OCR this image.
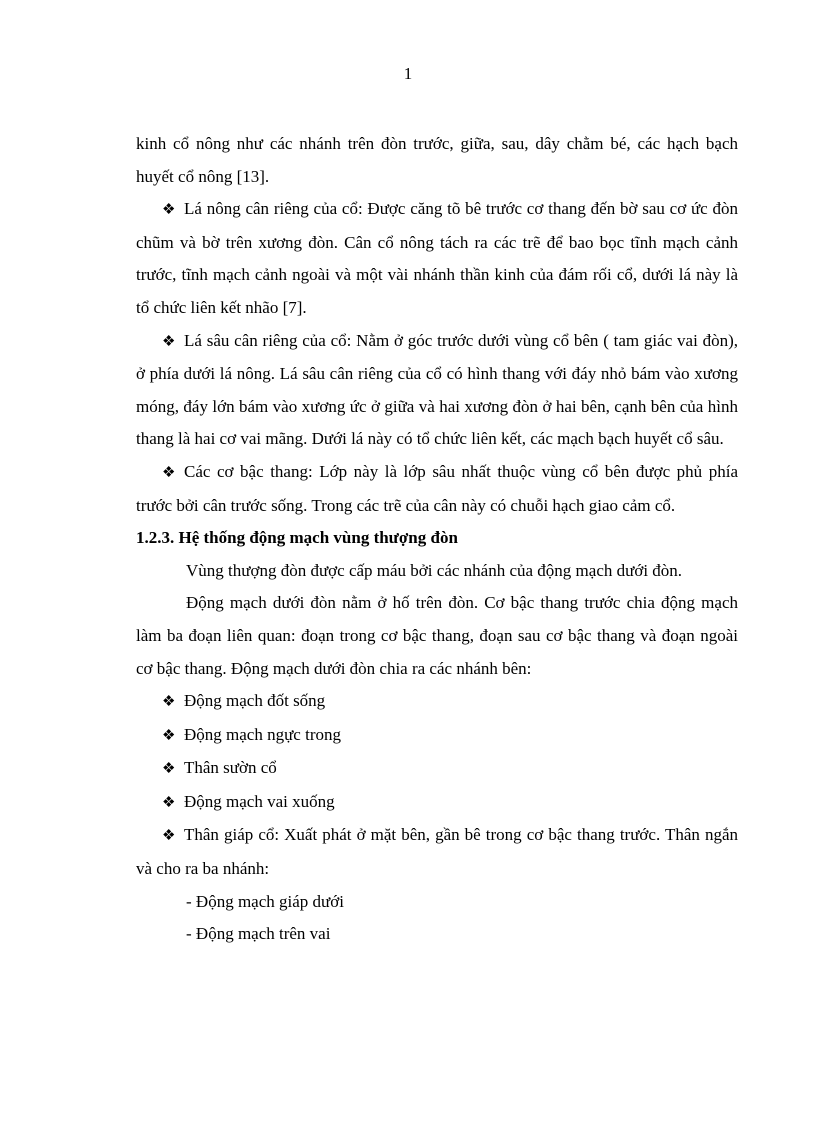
1

kinh cổ nông như các nhánh trên đòn trước, giữa, sau, dây chằm bé, các hạch bạch huyết cổ nông [13].

❖ Lá nông cân riêng của cổ: Được căng tõ bê trước cơ thang đến bờ sau cơ ức đòn chũm và bờ trên xương đòn. Cân cổ nông tách ra các trẽ để bao bọc tĩnh mạch cảnh trước, tĩnh mạch cảnh ngoài và một vài nhánh thần kinh của đám rối cổ, dưới lá này là tổ chức liên kết nhão [7].

❖ Lá sâu cân riêng của cổ: Nằm ở góc trước dưới vùng cổ bên ( tam giác vai đòn), ở phía dưới lá nông. Lá sâu cân riêng của cổ có hình thang với đáy nhỏ bám vào xương móng, đáy lớn bám vào xương ức ở giữa và hai xương đòn ở hai bên, cạnh bên của hình thang là hai cơ vai mãng. Dưới lá này có tổ chức liên kết, các mạch bạch huyết cổ sâu.

❖ Các cơ bậc thang: Lớp này là lớp sâu nhất thuộc vùng cổ bên được phủ phía trước bởi cân trước sống. Trong các trẽ của cân này có chuỗi hạch giao cảm cổ.

1.2.3. Hệ thống động mạch vùng thượng đòn

Vùng thượng đòn được cấp máu bởi các nhánh của động mạch dưới đòn.

Động mạch dưới đòn nằm ở hố trên đòn. Cơ bậc thang trước chia động mạch làm ba đoạn liên quan: đoạn trong cơ bậc thang, đoạn sau cơ bậc thang và đoạn ngoài cơ bậc thang. Động mạch dưới đòn chia ra các nhánh bên:

❖ Động mạch đốt sống

❖ Động mạch ngực trong

❖ Thân sườn cổ

❖ Động mạch vai xuống

❖ Thân giáp cổ: Xuất phát ở mặt bên, gần bê trong cơ bậc thang trước. Thân ngắn và cho ra ba nhánh:

- Động mạch giáp dưới

- Động mạch trên vai
